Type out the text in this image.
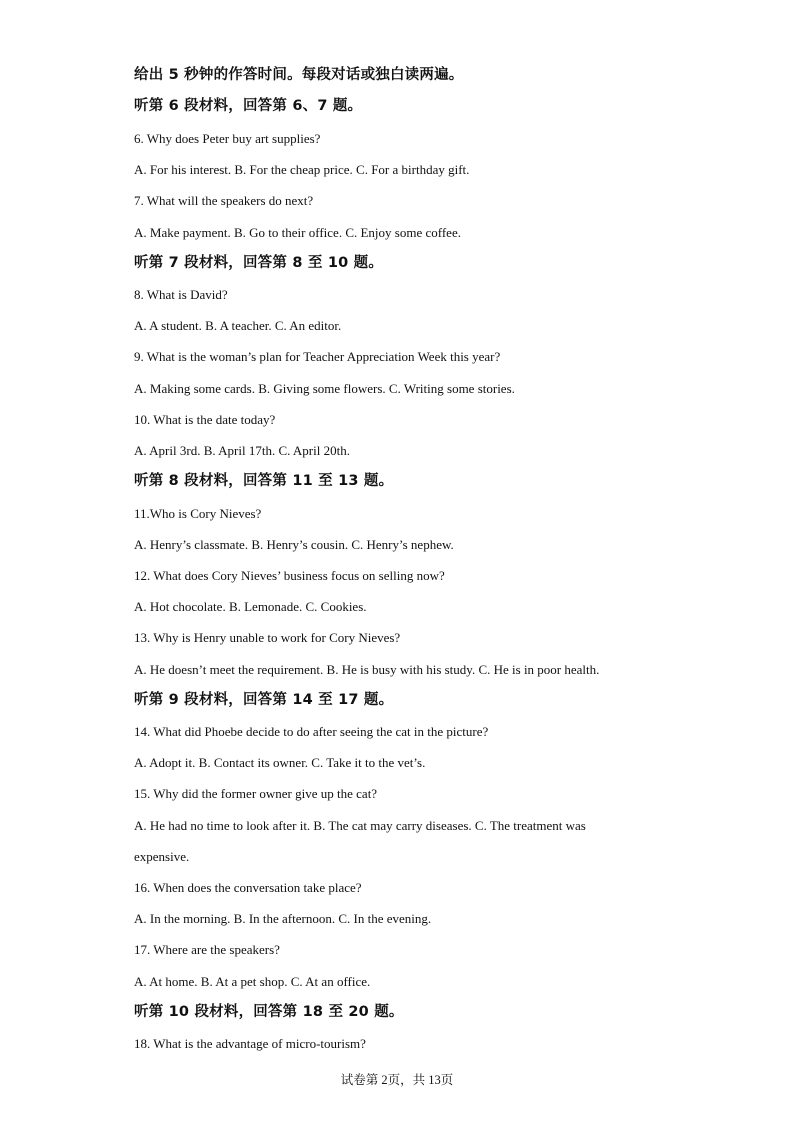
给出 5 秒钟的作答时间。每段对话或独白读两遍。
听第 6 段材料，回答第 6、7 题。
6. Why does Peter buy art supplies?
A. For his interest. B. For the cheap price. C. For a birthday gift.
7. What will the speakers do next?
A. Make payment. B. Go to their office. C. Enjoy some coffee.
听第 7 段材料，回答第 8 至 10 题。
8. What is David?
A. A student. B. A teacher. C. An editor.
9. What is the woman’s plan for Teacher Appreciation Week this year?
A. Making some cards. B. Giving some flowers. C. Writing some stories.
10. What is the date today?
A. April 3rd. B. April 17th. C. April 20th.
听第 8 段材料，回答第 11 至 13 题。
11.Who is Cory Nieves?
A. Henry’s classmate. B. Henry’s cousin. C. Henry’s nephew.
12. What does Cory Nieves’ business focus on selling now?
A. Hot chocolate. B. Lemonade. C. Cookies.
13. Why is Henry unable to work for Cory Nieves?
A. He doesn’t meet the requirement. B. He is busy with his study. C. He is in poor health.
听第 9 段材料，回答第 14 至 17 题。
14. What did Phoebe decide to do after seeing the cat in the picture?
A. Adopt it. B. Contact its owner. C. Take it to the vet’s.
15. Why did the former owner give up the cat?
A. He had no time to look after it. B. The cat may carry diseases. C. The treatment was
expensive.
16. When does the conversation take place?
A. In the morning. B. In the afternoon. C. In the evening.
17. Where are the speakers?
A. At home. B. At a pet shop. C. At an office.
听第 10 段材料，回答第 18 至 20 题。
18. What is the advantage of micro-tourism?
试卷第 2页，共 13页
